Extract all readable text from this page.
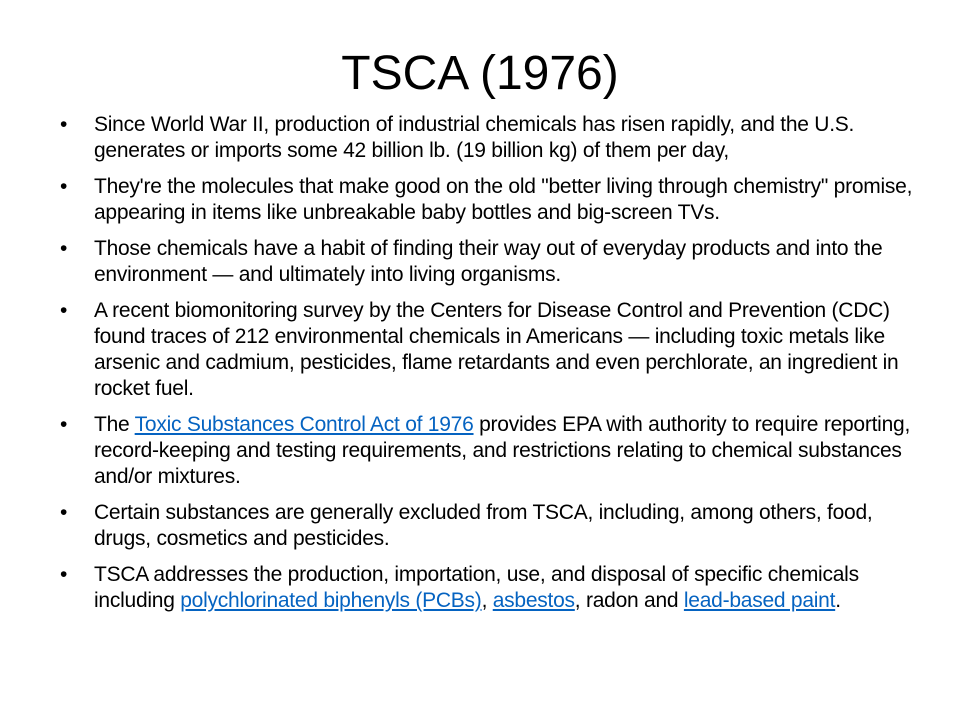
TSCA (1976)
• Since World War II, production of industrial chemicals has risen rapidly, and the U.S. generates or imports some 42 billion lb. (19 billion kg) of them per day,
• They're the molecules that make good on the old "better living through chemistry" promise, appearing in items like unbreakable baby bottles and big-screen TVs.
• Those chemicals have a habit of finding their way out of everyday products and into the environment — and ultimately into living organisms.
• A recent biomonitoring survey by the Centers for Disease Control and Prevention (CDC) found traces of 212 environmental chemicals in Americans — including toxic metals like arsenic and cadmium, pesticides, flame retardants and even perchlorate, an ingredient in rocket fuel.
• The Toxic Substances Control Act of 1976 provides EPA with authority to require reporting, record-keeping and testing requirements, and restrictions relating to chemical substances and/or mixtures.
• Certain substances are generally excluded from TSCA, including, among others, food, drugs, cosmetics and pesticides.
• TSCA addresses the production, importation, use, and disposal of specific chemicals including polychlorinated biphenyls (PCBs), asbestos, radon and lead-based paint.
